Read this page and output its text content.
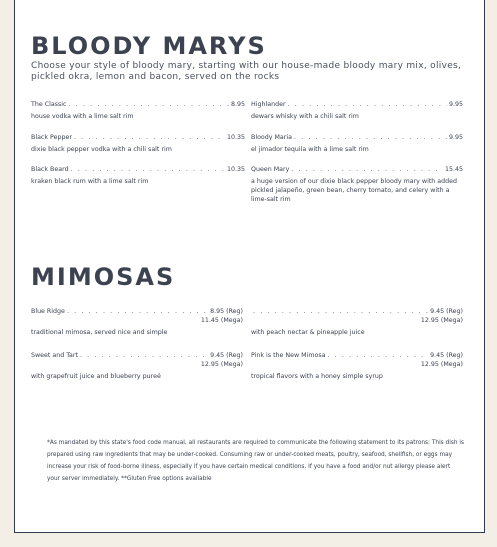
BLOODY MARYS
Choose your style of bloody mary, starting with our house-made bloody mary mix, olives, pickled okra, lemon and bacon, served on the rocks
The Classic . . .	8.95
house vodka with a lime salt rim
Black Pepper . . .	10.35
dixie black pepper vodka with a chili salt rim
Black Beard . . .	10.35
kraken black rum with a lime salt rim
Highlander . . .	9.95
dewars whisky with a chili salt rim
Bloody Maria . . .	9.95
el jimador tequila with a lime salt rim
Queen Mary . . .	15.45
a huge version of our dixie black pepper bloody mary with added pickled jalapeño, green bean, cherry tomato, and celery with a lime-salt rim
MIMOSAS
Blue Ridge . . .	8.95 (Reg)
11.45 (Mega)
traditional mimosa, served nice and simple
Sweet and Tart . . .	9.45 (Reg)
12.95 (Mega)
with grapefruit juice and blueberry pureé
. . .
9.45 (Reg)
12.95 (Mega)
with peach nectar & pineapple juice
Pink is the New Mimosa . . .	9.45 (Reg)
12.95 (Mega)
tropical flavors with a honey simple syrup
*As mandated by this state's food code manual, all restaurants are required to communicate the following statement to its patrons: This dish is prepared using raw ingredients that may be under-cooked. Consuming raw or under-cooked meats, poultry, seafood, shellfish, or eggs may increase your risk of food-borne illness, especially if you have certain medical conditions. If you have a food and/or nut allergy please alert your server immediately. **Gluten Free options available
